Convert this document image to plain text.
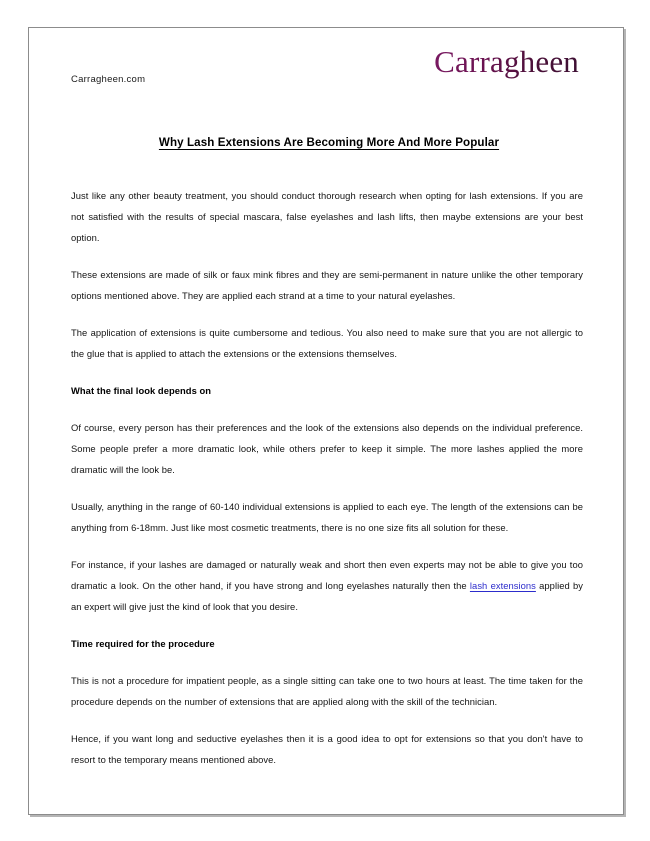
Carragheen.com
Carragheen
Why Lash Extensions Are Becoming More And More Popular

Just like any other beauty treatment, you should conduct thorough research when opting for lash extensions. If you are not satisfied with the results of special mascara, false eyelashes and lash lifts, then maybe extensions are your best option.

These extensions are made of silk or faux mink fibres and they are semi-permanent in nature unlike the other temporary options mentioned above. They are applied each strand at a time to your natural eyelashes.

The application of extensions is quite cumbersome and tedious. You also need to make sure that you are not allergic to the glue that is applied to attach the extensions or the extensions themselves.

What the final look depends on

Of course, every person has their preferences and the look of the extensions also depends on the individual preference. Some people prefer a more dramatic look, while others prefer to keep it simple. The more lashes applied the more dramatic will the look be.

Usually, anything in the range of 60-140 individual extensions is applied to each eye. The length of the extensions can be anything from 6-18mm. Just like most cosmetic treatments, there is no one size fits all solution for these.

For instance, if your lashes are damaged or naturally weak and short then even experts may not be able to give you too dramatic a look. On the other hand, if you have strong and long eyelashes naturally then the lash extensions applied by an expert will give just the kind of look that you desire.

Time required for the procedure

This is not a procedure for impatient people, as a single sitting can take one to two hours at least. The time taken for the procedure depends on the number of extensions that are applied along with the skill of the technician.

Hence, if you want long and seductive eyelashes then it is a good idea to opt for extensions so that you don't have to resort to the temporary means mentioned above.
